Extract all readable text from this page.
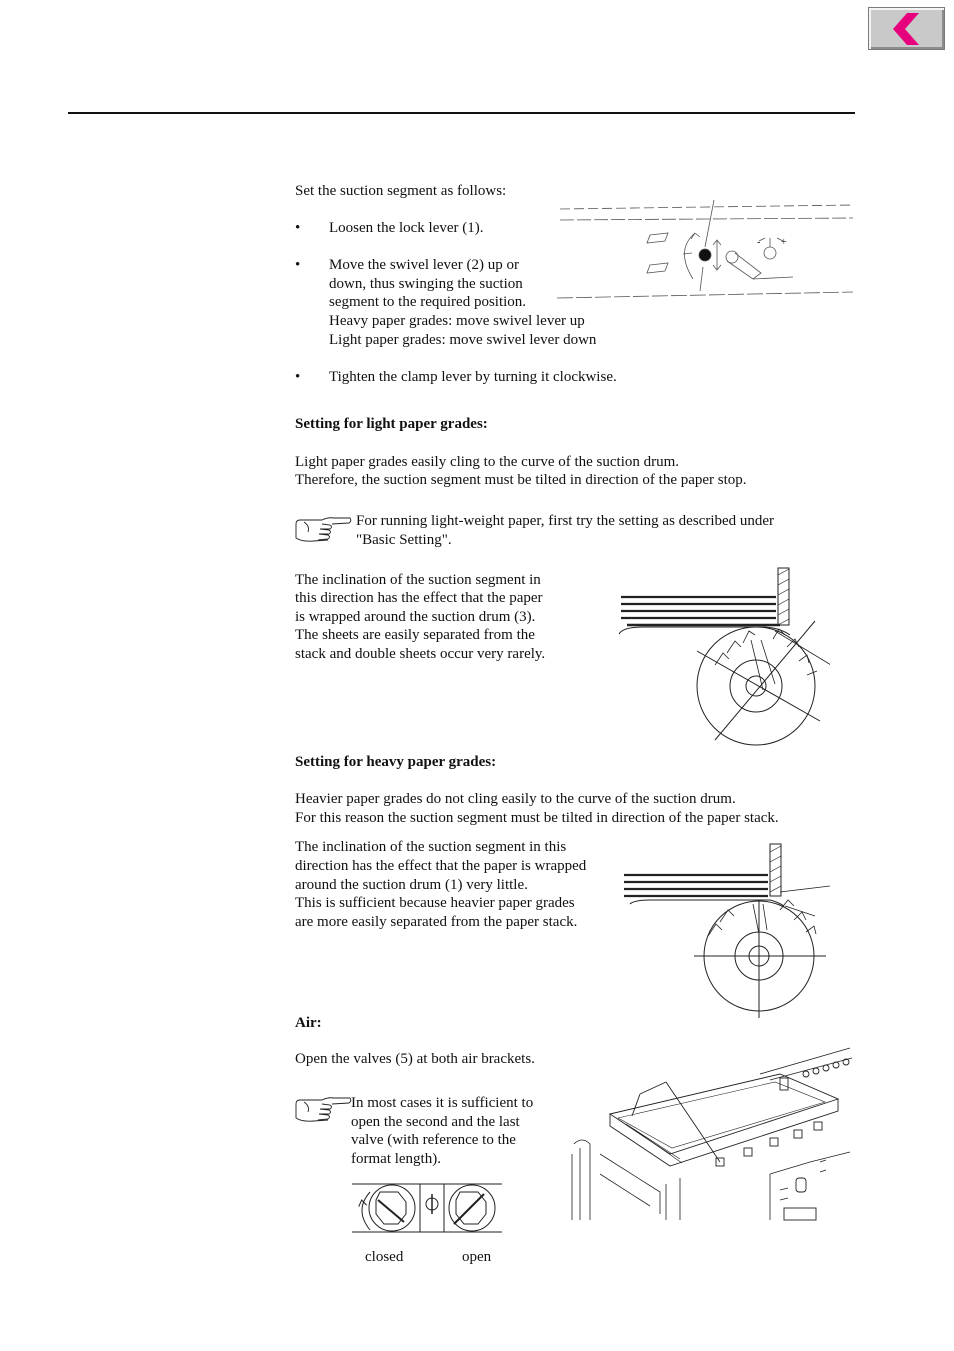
Set the suction segment as follows:
• Loosen the lock lever (1).
• Move the swivel lever (2) up or
down, thus swinging the suction
segment to the required position.
Heavy paper grades: move swivel lever up
Light paper grades: move swivel lever down
• Tighten the clamp lever by turning it clockwise.
- +
Setting for light paper grades:
Light paper grades easily cling to the curve of the suction drum.
Therefore, the suction segment must be tilted in direction of the paper stop.
For running light-weight paper, first try the setting as described under
"Basic Setting".
The inclination of the suction segment in
this direction has the effect that the paper
is wrapped around the suction drum (3).
The sheets are easily separated from the
stack and double sheets occur very rarely.
Setting for heavy paper grades:
Heavier paper grades do not cling easily to the curve of the suction drum.
For this reason the suction segment must be tilted in direction of the paper stack.
The inclination of the suction segment in this
direction has the effect that the paper is wrapped
around the suction drum (1) very little.
This is sufficient because heavier paper grades
are more easily separated from the paper stack.
Air:
Open the valves (5) at both air brackets.
In most cases it is sufficient to
open the second and the last
valve (with reference to the
format length).
closed	open
